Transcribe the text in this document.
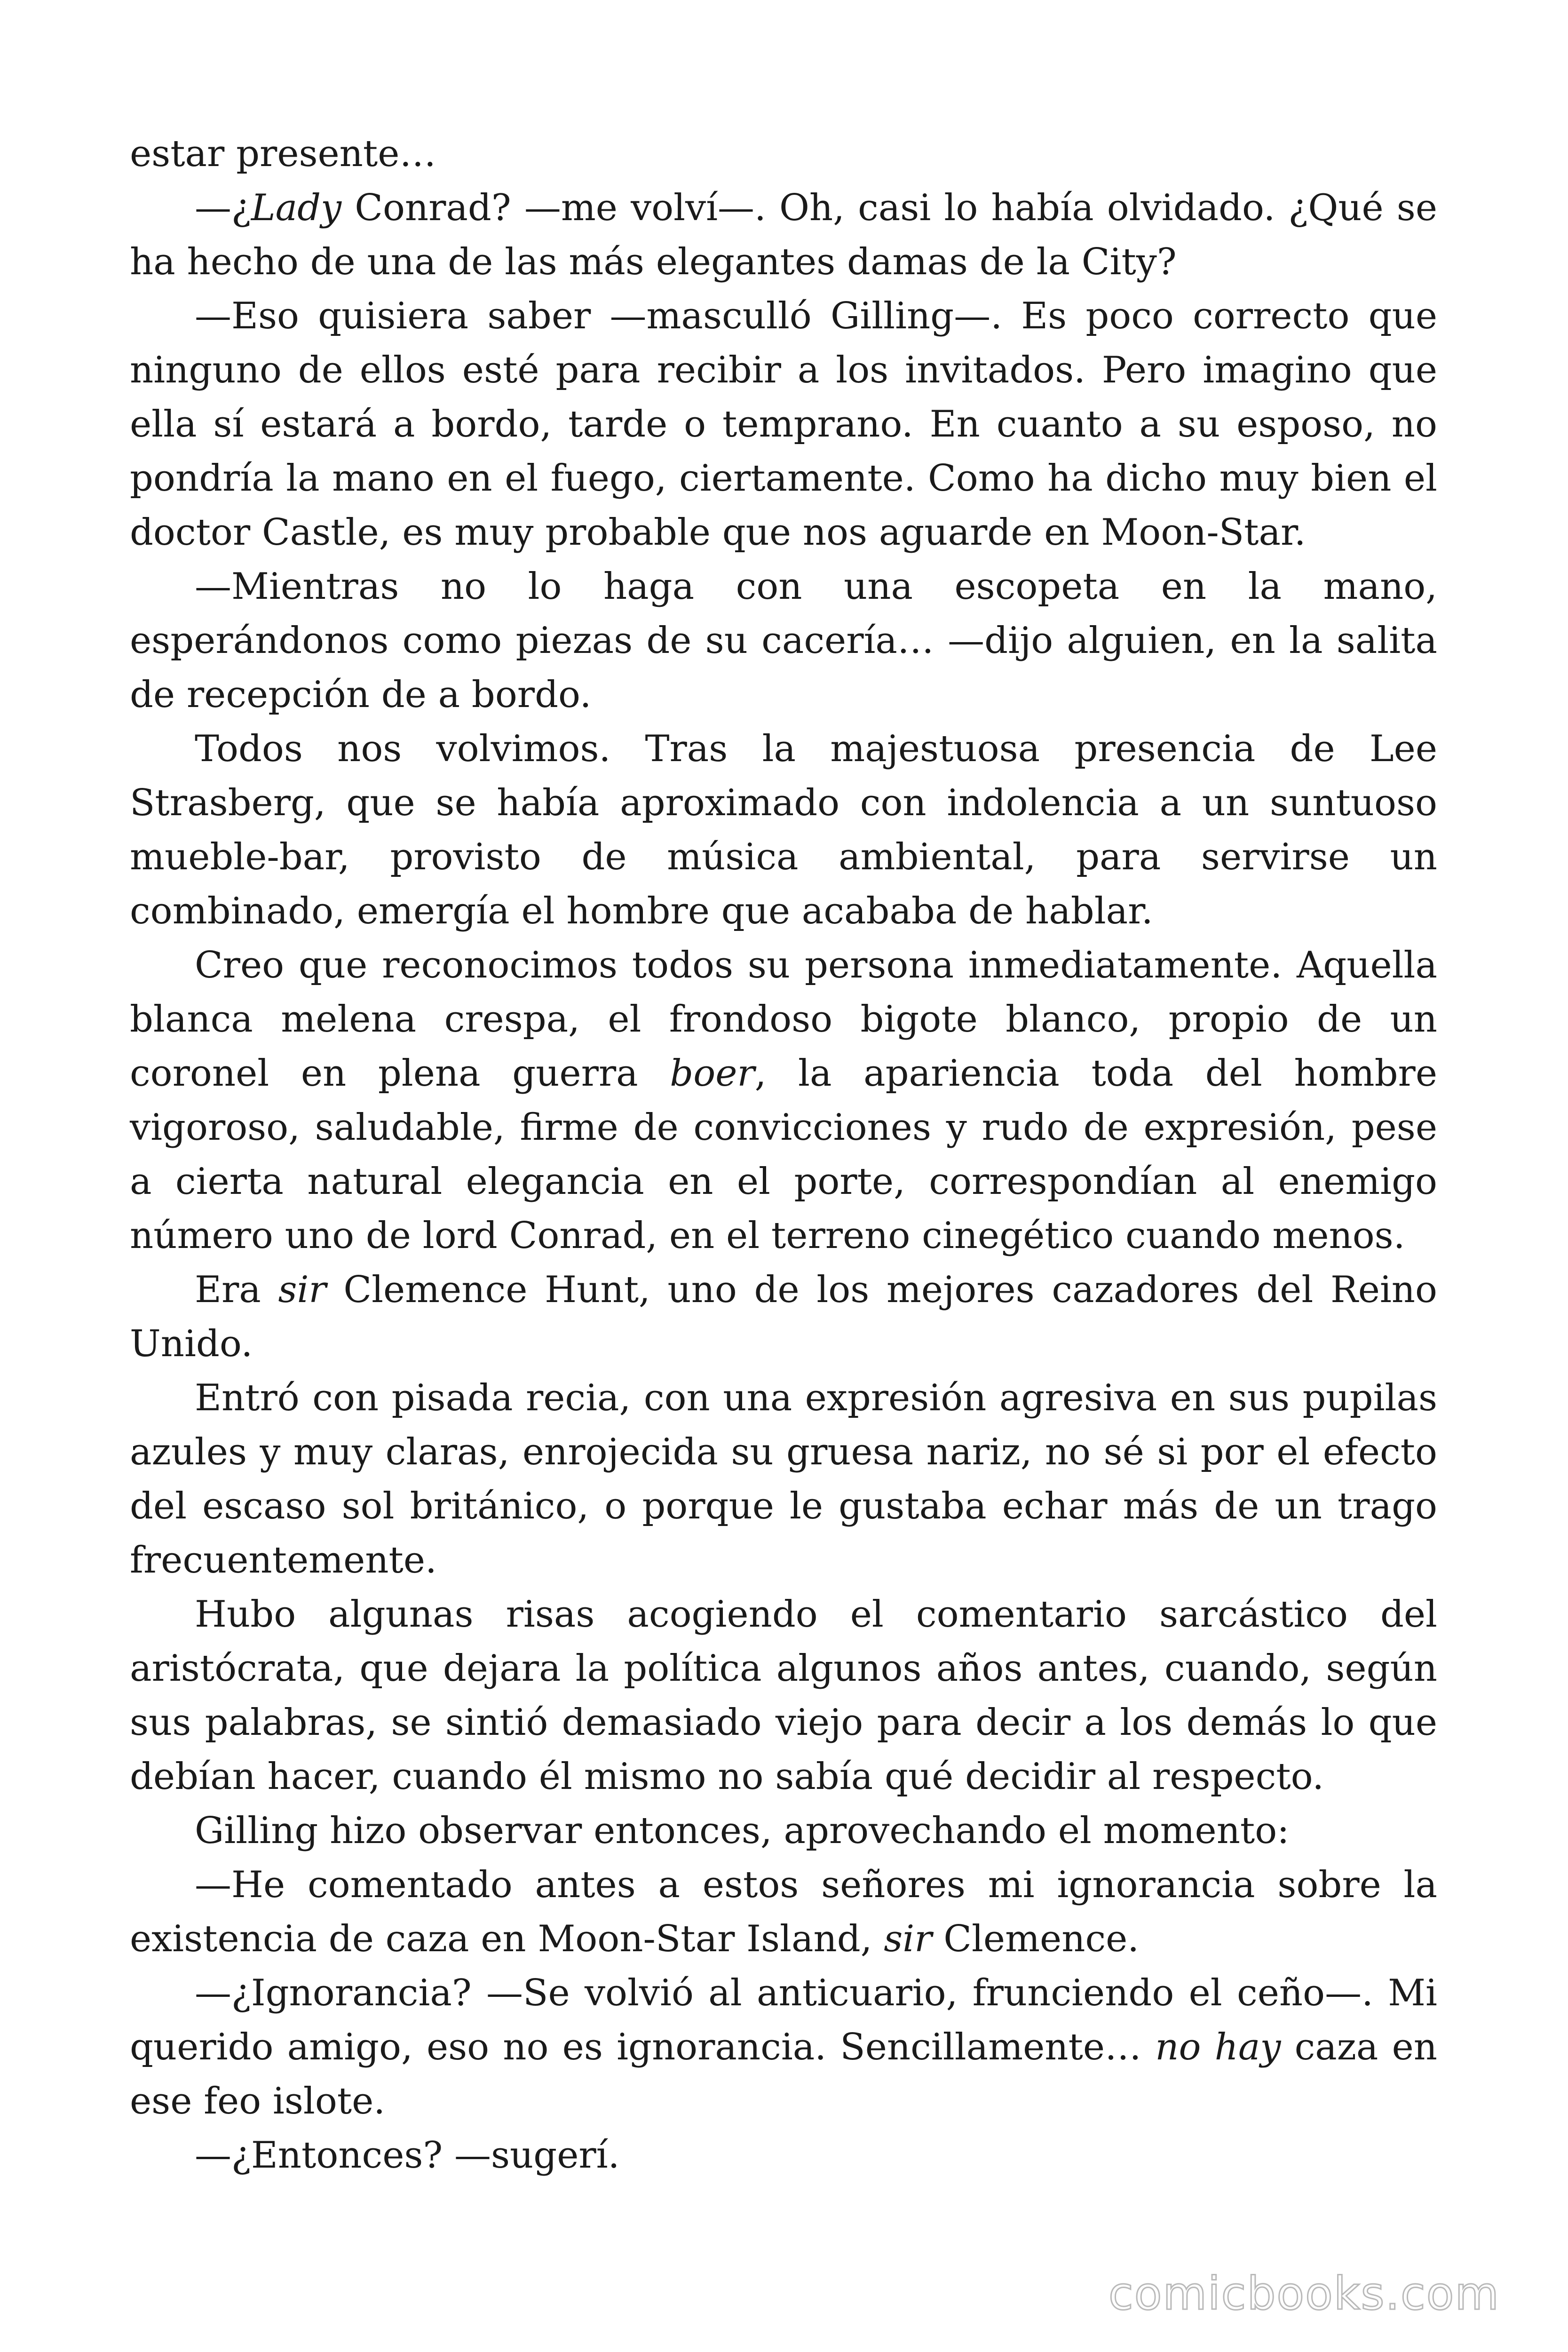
estar presente…

—¿Lady Conrad? —me volví—. Oh, casi lo había olvidado. ¿Qué se ha hecho de una de las más elegantes damas de la City?

—Eso quisiera saber —masculló Gilling—. Es poco correcto que ninguno de ellos esté para recibir a los invitados. Pero imagino que ella sí estará a bordo, tarde o temprano. En cuanto a su esposo, no pondría la mano en el fuego, ciertamente. Como ha dicho muy bien el doctor Castle, es muy probable que nos aguarde en Moon-Star.

—Mientras no lo haga con una escopeta en la mano, esperándonos como piezas de su cacería… —dijo alguien, en la salita de recepción de a bordo.

Todos nos volvimos. Tras la majestuosa presencia de Lee Strasberg, que se había aproximado con indolencia a un suntuoso mueble-bar, provisto de música ambiental, para servirse un combinado, emergía el hombre que acababa de hablar.

Creo que reconocimos todos su persona inmediatamente. Aquella blanca melena crespa, el frondoso bigote blanco, propio de un coronel en plena guerra boer, la apariencia toda del hombre vigoroso, saludable, firme de convicciones y rudo de expresión, pese a cierta natural elegancia en el porte, correspondían al enemigo número uno de lord Conrad, en el terreno cinegético cuando menos.

Era sir Clemence Hunt, uno de los mejores cazadores del Reino Unido.

Entró con pisada recia, con una expresión agresiva en sus pupilas azules y muy claras, enrojecida su gruesa nariz, no sé si por el efecto del escaso sol británico, o porque le gustaba echar más de un trago frecuentemente.

Hubo algunas risas acogiendo el comentario sarcástico del aristócrata, que dejara la política algunos años antes, cuando, según sus palabras, se sintió demasiado viejo para decir a los demás lo que debían hacer, cuando él mismo no sabía qué decidir al respecto.

Gilling hizo observar entonces, aprovechando el momento:

—He comentado antes a estos señores mi ignorancia sobre la existencia de caza en Moon-Star Island, sir Clemence.

—¿Ignorancia? —Se volvió al anticuario, frunciendo el ceño—. Mi querido amigo, eso no es ignorancia. Sencillamente… no hay caza en ese feo islote.

—¿Entonces? —sugerí.

comicbooks.com
